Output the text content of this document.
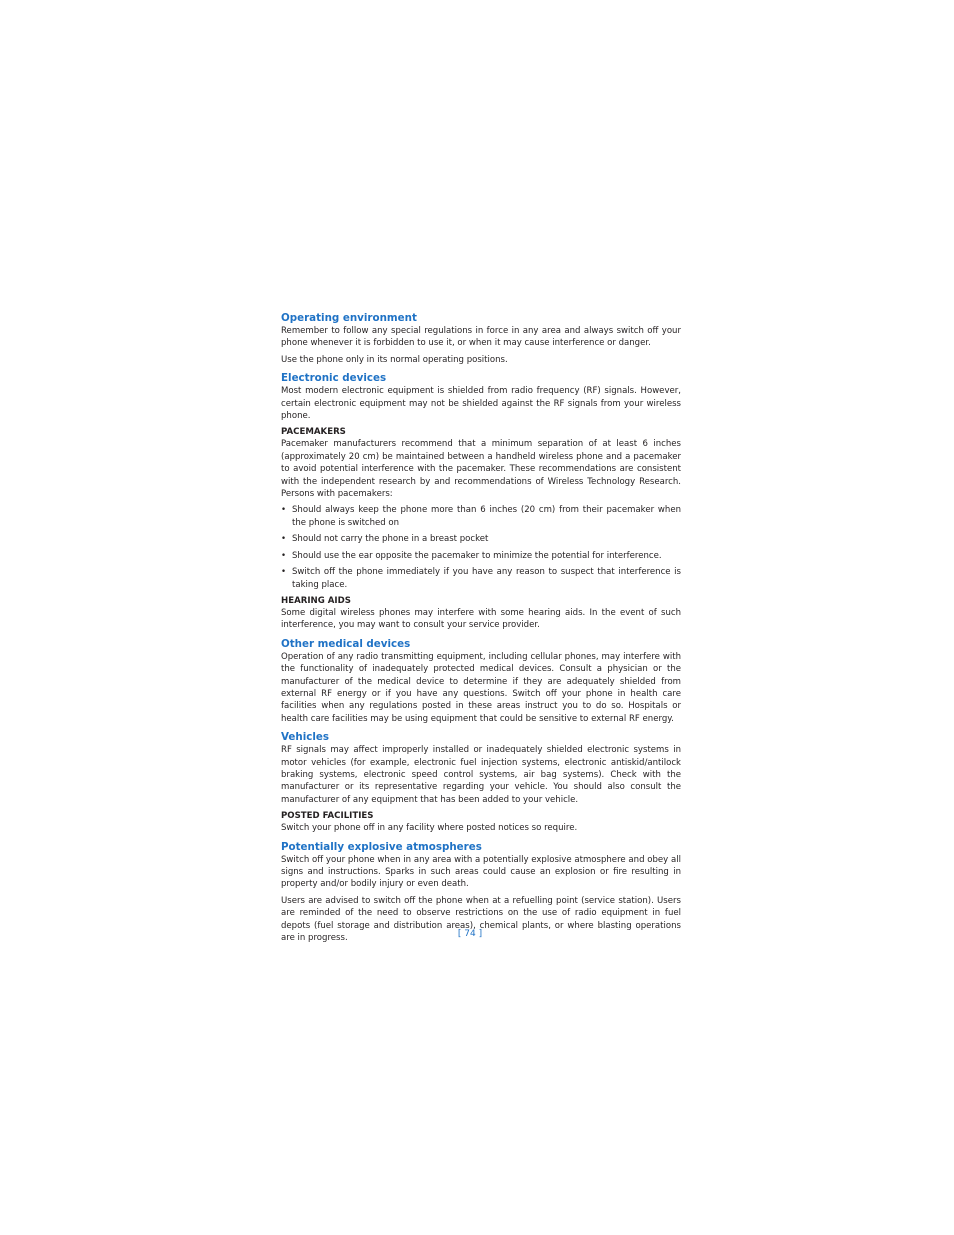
Operating environment

Remember to follow any special regulations in force in any area and always switch off your phone whenever it is forbidden to use it, or when it may cause interference or danger.

Use the phone only in its normal operating positions.

Electronic devices

Most modern electronic equipment is shielded from radio frequency (RF) signals. However, certain electronic equipment may not be shielded against the RF signals from your wireless phone.

PACEMAKERS

Pacemaker manufacturers recommend that a minimum separation of at least 6 inches (approximately 20 cm) be maintained between a handheld wireless phone and a pacemaker to avoid potential interference with the pacemaker. These recommendations are consistent with the independent research by and recommendations of Wireless Technology Research. Persons with pacemakers:

• Should always keep the phone more than 6 inches (20 cm) from their pacemaker when the phone is switched on
• Should not carry the phone in a breast pocket
• Should use the ear opposite the pacemaker to minimize the potential for interference.
• Switch off the phone immediately if you have any reason to suspect that interference is taking place.
HEARING AIDS

Some digital wireless phones may interfere with some hearing aids. In the event of such interference, you may want to consult your service provider.

Other medical devices

Operation of any radio transmitting equipment, including cellular phones, may interfere with the functionality of inadequately protected medical devices. Consult a physician or the manufacturer of the medical device to determine if they are adequately shielded from external RF energy or if you have any questions. Switch off your phone in health care facilities when any regulations posted in these areas instruct you to do so. Hospitals or health care facilities may be using equipment that could be sensitive to external RF energy.

Vehicles

RF signals may affect improperly installed or inadequately shielded electronic systems in motor vehicles (for example, electronic fuel injection systems, electronic antiskid/antilock braking systems, electronic speed control systems, air bag systems). Check with the manufacturer or its representative regarding your vehicle. You should also consult the manufacturer of any equipment that has been added to your vehicle.

POSTED FACILITIES

Switch your phone off in any facility where posted notices so require.

Potentially explosive atmospheres

Switch off your phone when in any area with a potentially explosive atmosphere and obey all signs and instructions. Sparks in such areas could cause an explosion or fire resulting in property and/or bodily injury or even death.

Users are advised to switch off the phone when at a refuelling point (service station). Users are reminded of the need to observe restrictions on the use of radio equipment in fuel depots (fuel storage and distribution areas), chemical plants, or where blasting operations are in progress.	[ 74 ]
